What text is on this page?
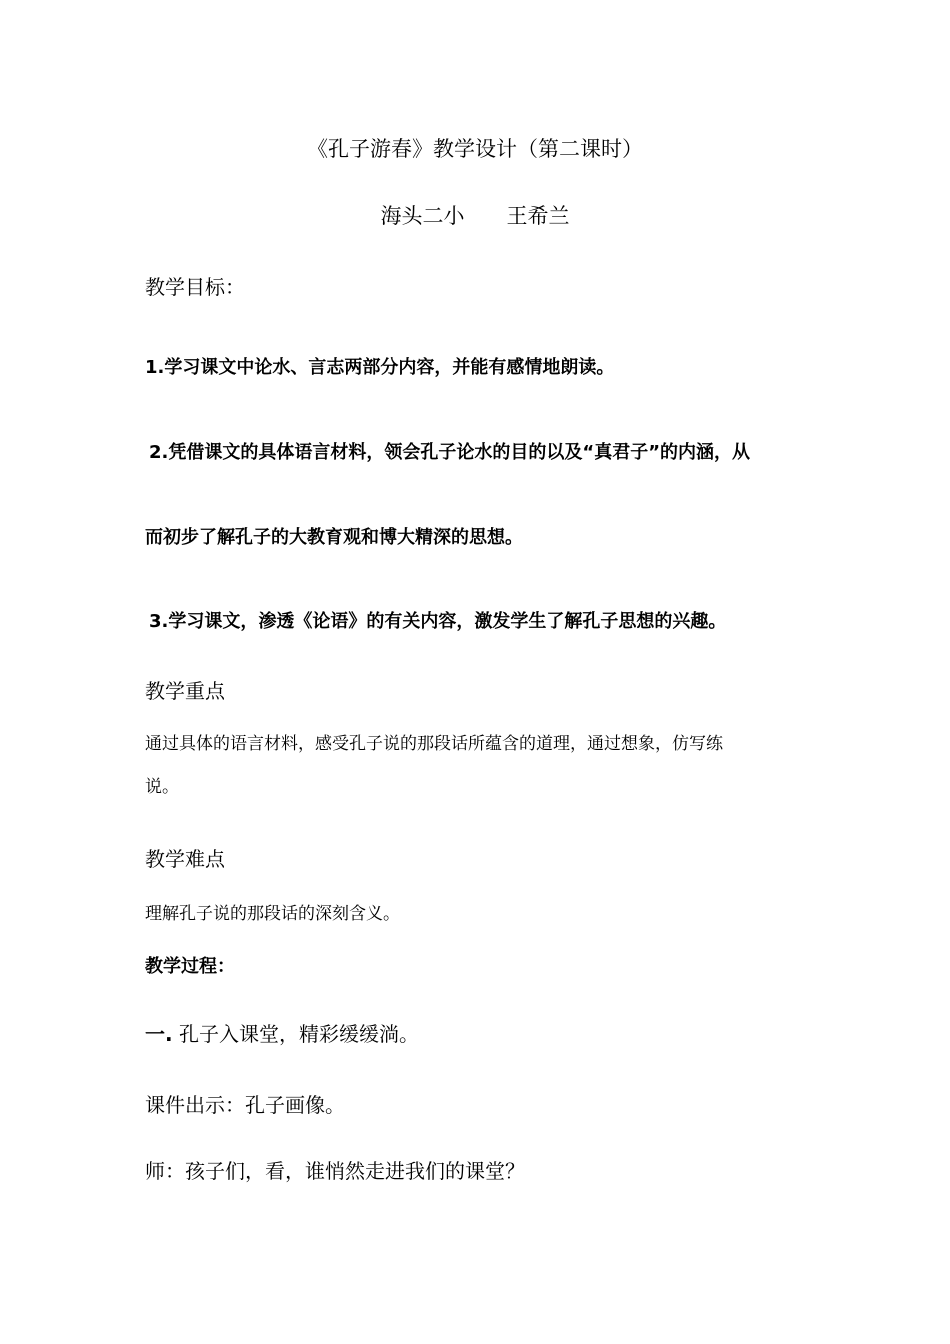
《孔子游春》教学设计（第二课时）
海头二小 王希兰
教学目标：
1.学习课文中论水、言志两部分内容，并能有感情地朗读。
2.凭借课文的具体语言材料，领会孔子论水的目的以及“真君子”的内涵，从
而初步了解孔子的大教育观和博大精深的思想。
3.学习课文，渗透《论语》的有关内容，激发学生了解孔子思想的兴趣。
教学重点
通过具体的语言材料，感受孔子说的那段话所蕴含的道理，通过想象，仿写练
说。
教学难点
理解孔子说的那段话的深刻含义。
教学过程：
一. 孔子入课堂，精彩缓缓淌。
课件出示：孔子画像。
师：孩子们，看，谁悄然走进我们的课堂？
